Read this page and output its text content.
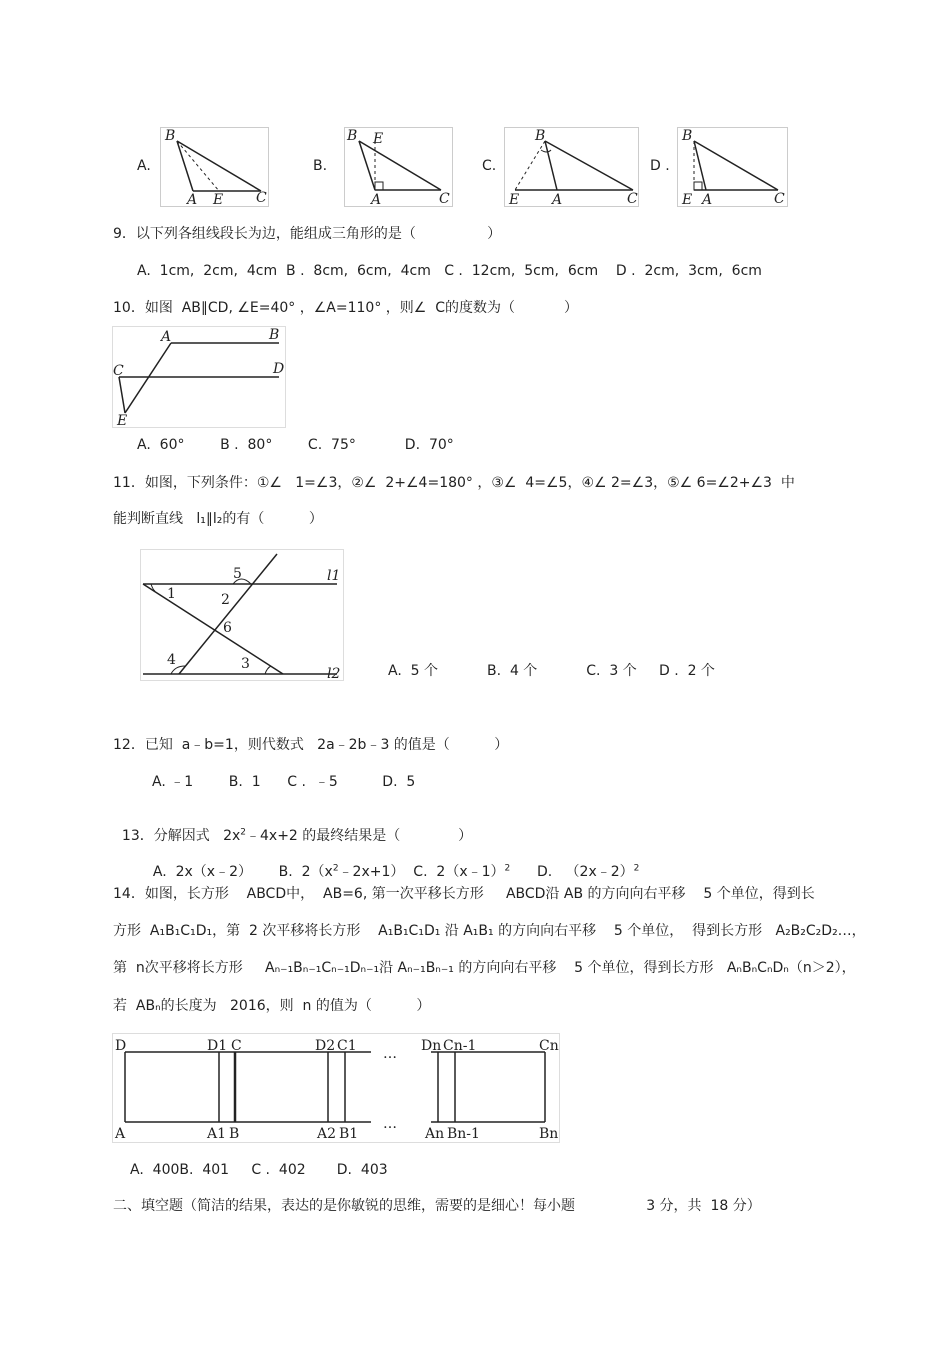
A.
B
A E C
B.
B E
A	C
C.
B
E A	C
D .
B
E A	C
9．以下列各组线段长为边，能组成三角形的是（                ）
A.  1cm,  2cm,  4cm  B .  8cm,  6cm,  4cm   C .  12cm,  5cm,  6cm    D .  2cm,  3cm,  6cm
10．如图  AB∥CD, ∠E=40° ，∠A=110° ，则∠  C的度数为（           ）
A	B
C	D
E
A.  60°        B .  80°        C.  75°           D.  70°
11．如图，下列条件：①∠   1=∠3，②∠  2+∠4=180° ，③∠  4=∠5，④∠ 2=∠3，⑤∠ 6=∠2+∠3  中
能判断直线   l₁∥l₂的有（          ）
5	l1
1	2
6
4	3
l2	A.  5 个           B.  4 个           C.  3 个     D .  2 个
12．已知  a﹣b=1，则代数式   2a﹣2b﹣3 的值是（          ）
A. ﹣1        B.  1      C .  ﹣5          D.  5

13．分解因式   $2x^2﹣4x+2$ 的最终结果是（             ）

A.  2x（x﹣2）      B.  $2(x^2﹣2x+1)$  C.  2（x﹣1）$^2$      D.   （2x﹣2）$^2$

14．如图，长方形    ABCD中，  AB=6, 第一次平移长方形     ABCD沿 AB 的方向向右平移    5 个单位，得到长
方形  A₁B₁C₁D₁，第  2 次平移将长方形    A₁B₁C₁D₁ 沿 A₁B₁ 的方向向右平移    5 个单位，  得到长方形   A₂B₂C₂D₂…，
第  n次平移将长方形     Aₙ₋₁Bₙ₋₁Cₙ₋₁Dₙ₋₁沿 Aₙ₋₁Bₙ₋₁ 的方向向右平移    5 个单位，得到长方形   AₙBₙCₙDₙ（n＞2），
若  ABₙ的长度为   2016，则  n 的值为（          ）
D	D1 C	D2 C1 … Dn Cn-1	Cn
A	A1 B	A2 B1
…
An Bn-1	Bn
A.  400B.  401     C .  402       D.  403
二、填空题（简洁的结果，表达的是你敏锐的思维，需要的是细心！每小题                3 分，共  18 分）
